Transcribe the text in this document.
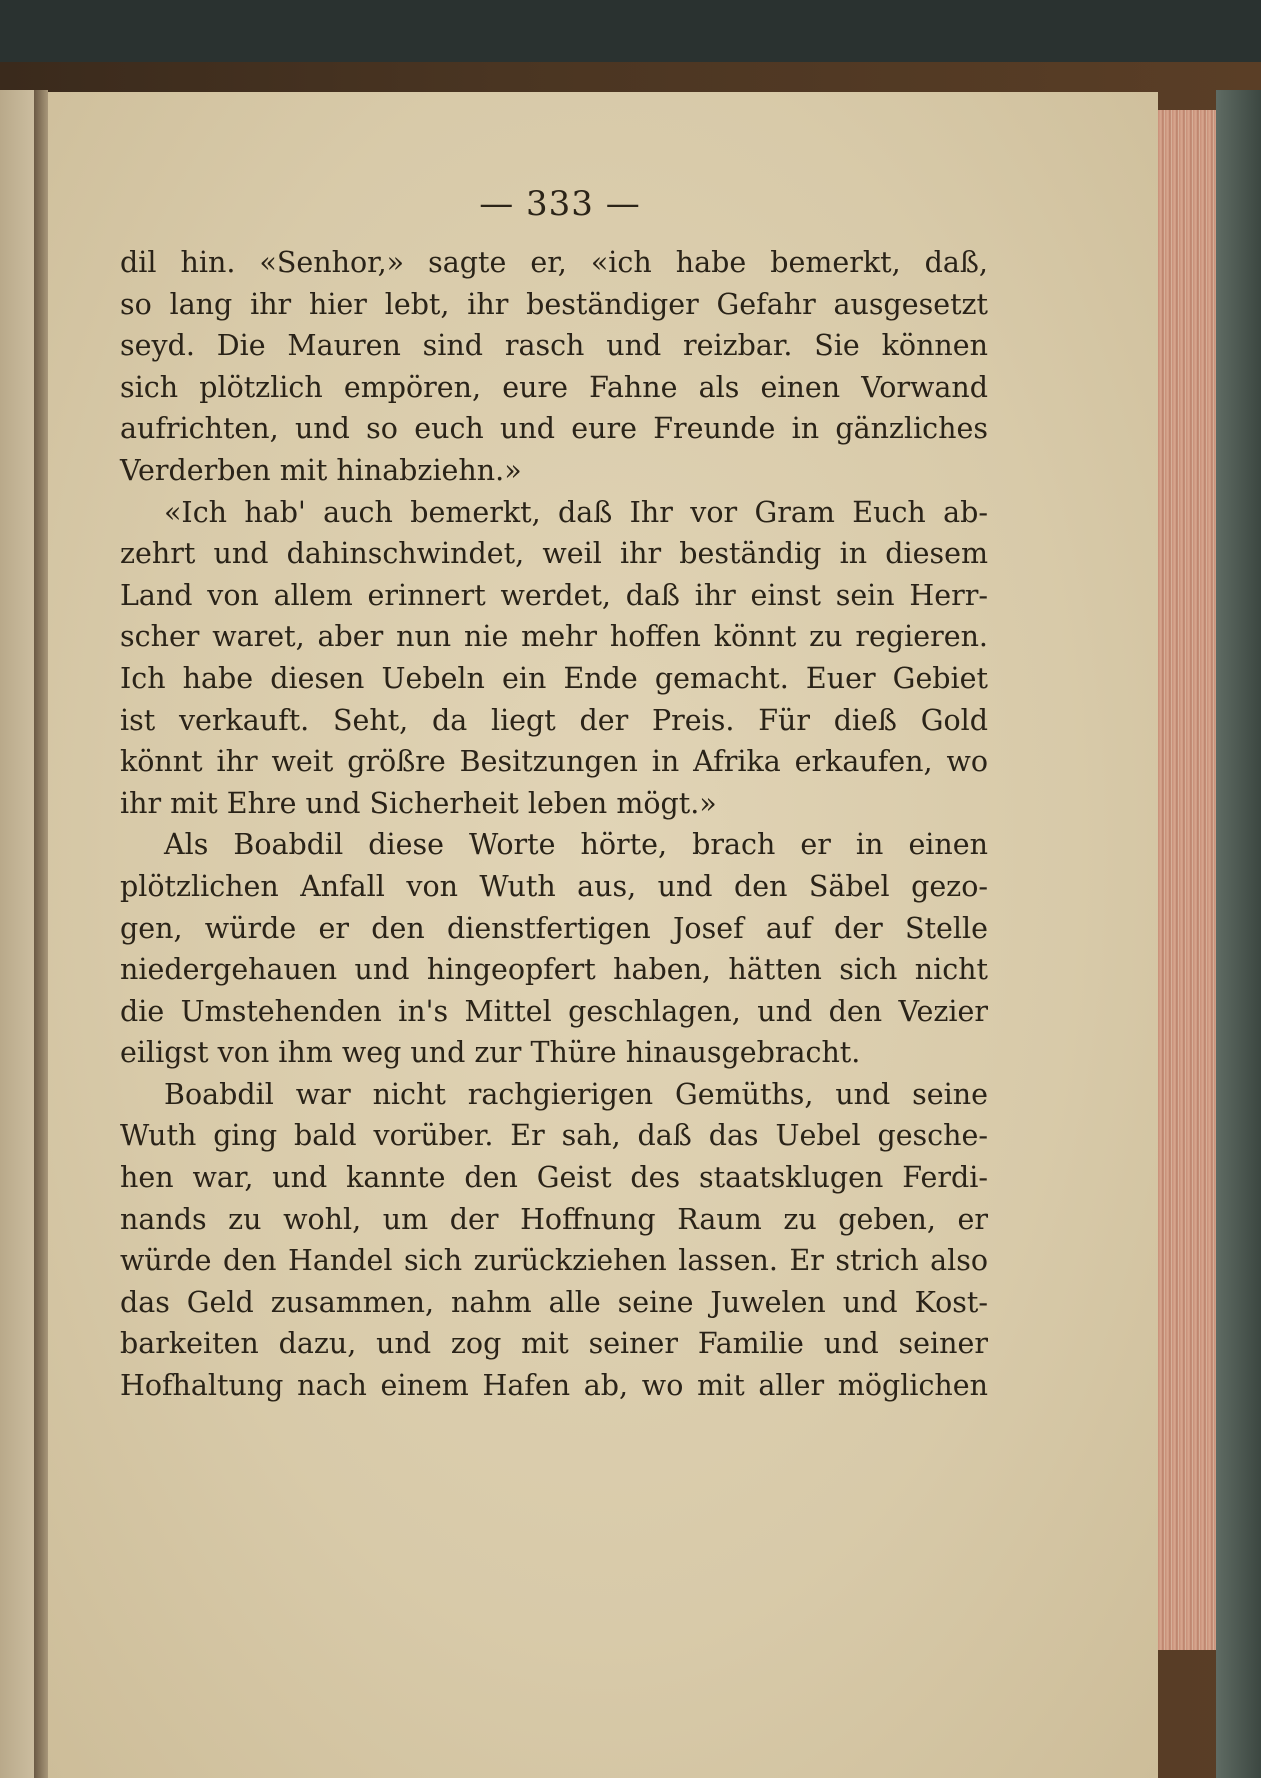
— 333 —
dil hin. «Senhor,» sagte er, «ich habe bemerkt, daß,
so lang ihr hier lebt, ihr beständiger Gefahr ausgesetzt
seyd. Die Mauren sind rasch und reizbar. Sie können
sich plötzlich empören, eure Fahne als einen Vorwand
aufrichten, und so euch und eure Freunde in gänzliches
Verderben mit hinabziehn.»
«Ich hab' auch bemerkt, daß Ihr vor Gram Euch ab-
zehrt und dahinschwindet, weil ihr beständig in diesem
Land von allem erinnert werdet, daß ihr einst sein Herr-
scher waret, aber nun nie mehr hoffen könnt zu regieren.
Ich habe diesen Uebeln ein Ende gemacht. Euer Gebiet
ist verkauft. Seht, da liegt der Preis. Für dieß Gold
könnt ihr weit größre Besitzungen in Afrika erkaufen, wo
ihr mit Ehre und Sicherheit leben mögt.»
Als Boabdil diese Worte hörte, brach er in einen
plötzlichen Anfall von Wuth aus, und den Säbel gezo-
gen, würde er den dienstfertigen Josef auf der Stelle
niedergehauen und hingeopfert haben, hätten sich nicht
die Umstehenden in's Mittel geschlagen, und den Vezier
eiligst von ihm weg und zur Thüre hinausgebracht.
Boabdil war nicht rachgierigen Gemüths, und seine
Wuth ging bald vorüber. Er sah, daß das Uebel gesche-
hen war, und kannte den Geist des staatsklugen Ferdi-
nands zu wohl, um der Hoffnung Raum zu geben, er
würde den Handel sich zurückziehen lassen. Er strich also
das Geld zusammen, nahm alle seine Juwelen und Kost-
barkeiten dazu, und zog mit seiner Familie und seiner
Hofhaltung nach einem Hafen ab, wo mit aller möglichen
